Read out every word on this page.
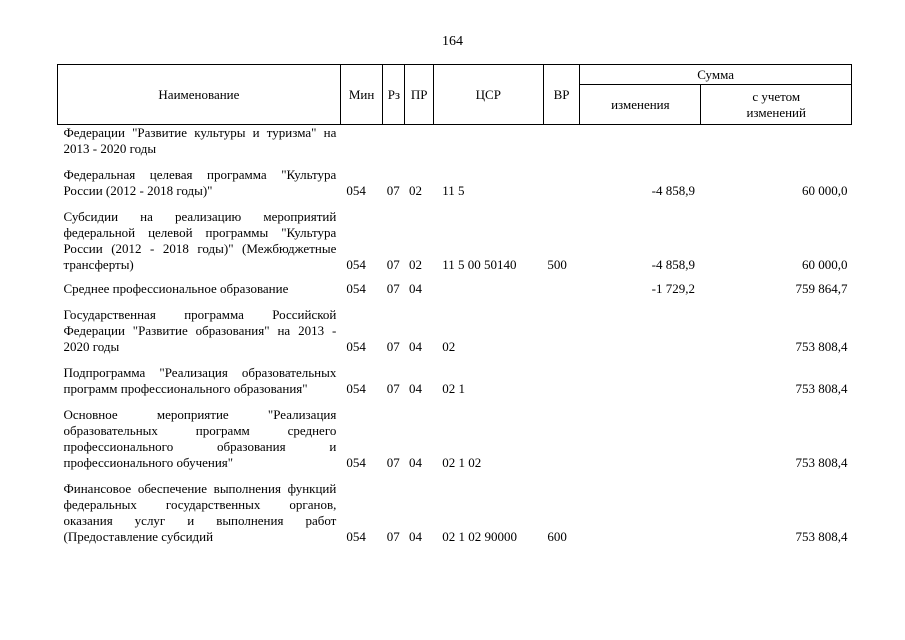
164
Наименование	Мин	Рз	ПР	ЦСР	ВР	Сумма	
						изменения	с учетом
изменений

Федерации "Развитие культуры и туризма" на 2013 - 2020 годы							

Федеральная целевая программа "Культура России (2012 - 2018 годы)"	054	07	02	11 5		-4 858,9	60 000,0

Субсидии на реализацию мероприятий федеральной целевой программы "Культура России (2012 - 2018 годы)" (Межбюджетные трансферты)	054	07	02	11 5 00 50140	500	-4 858,9	60 000,0

Среднее профессиональное образование	054	07	04			-1 729,2	759 864,7

Государственная программа Российской Федерации "Развитие образования" на 2013 - 2020 годы	054	07	04	02			753 808,4

Подпрограмма "Реализация образовательных программ профессионального образования"	054	07	04	02 1			753 808,4

Основное мероприятие "Реализация образовательных программ среднего профессионального образования и профессионального обучения"	054	07	04	02 1 02			753 808,4

Финансовое обеспечение выполнения функций федеральных государственных органов, оказания услуг и выполнения работ (Предоставление субсидий	054	07	04	02 1 02 90000	600		753 808,4
